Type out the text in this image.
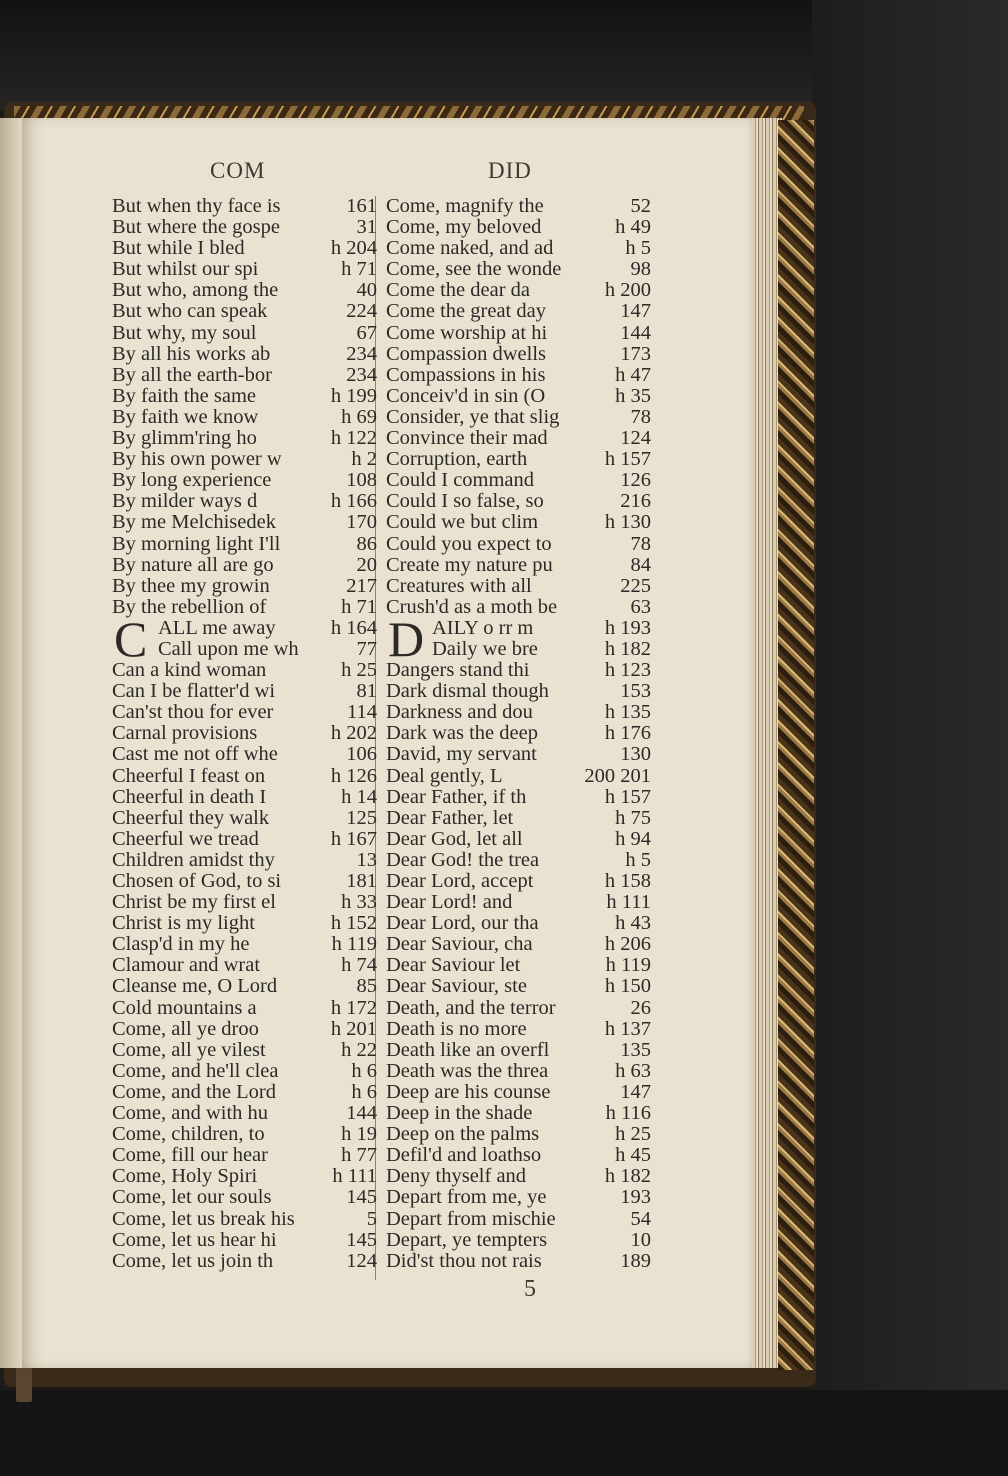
COM	DID
But when thy face is	161
But where the gospe	31
But while I bled	h 204
But whilst our spi	h 71
But who, among the	40
But who can speak	224
But why, my soul	67
By all his works ab	234
By all the earth-bor	234
By faith the same	h 199
By faith we know	h 69
By glimm'ring ho	h 122
By his own power w	h 2
By long experience	108
By milder ways d	h 166
By me Melchisedek	170
By morning light I'll	86
By nature all are go	20
By thee my growin	217
By the rebellion of	h 71
C ALL me away	h 164
Call upon me wh	77
Can a kind woman	h 25
Can I be flatter'd wi	81
Can'st thou for ever	114
Carnal provisions	h 202
Cast me not off whe	106
Cheerful I feast on	h 126
Cheerful in death I	h 14
Cheerful they walk	125
Cheerful we tread	h 167
Children amidst thy	13
Chosen of God, to si	181
Christ be my first el	h 33
Christ is my light	h 152
Clasp'd in my he	h 119
Clamour and wrat	h 74
Cleanse me, O Lord	85
Cold mountains a	h 172
Come, all ye droo	h 201
Come, all ye vilest	h 22
Come, and he'll clea	h 6
Come, and the Lord	h 6
Come, and with hu	144
Come, children, to	h 19
Come, fill our hear	h 77
Come, Holy Spiri	h 111
Come, let our souls	145
Come, let us break his	5
Come, let us hear hi	145
Come, let us join th	124
Come, magnify the	52
Come, my beloved	h 49
Come naked, and ad	h 5
Come, see the wonde	98
Come the dear da	h 200
Come the great day	147
Come worship at hi	144
Compassion dwells	173
Compassions in his	h 47
Conceiv'd in sin (O	h 35
Consider, ye that slig	78
Convince their mad	124
Corruption, earth	h 157
Could I command	126
Could I so false, so	216
Could we but clim	h 130
Could you expect to	78
Create my nature pu	84
Creatures with all	225
Crush'd as a moth be	63
D AILY o rr m	h 193
Daily we bre	h 182
Dangers stand thi	h 123
Dark dismal though	153
Darkness and dou	h 135
Dark was the deep	h 176
David, my servant	130
Deal gently, L	200 201
Dear Father, if th	h 157
Dear Father, let	h 75
Dear God, let all	h 94
Dear God! the trea	h 5
Dear Lord, accept	h 158
Dear Lord! and	h 111
Dear Lord, our tha	h 43
Dear Saviour, cha	h 206
Dear Saviour let	h 119
Dear Saviour, ste	h 150
Death, and the terror	26
Death is no more	h 137
Death like an overfl	135
Death was the threa	h 63
Deep are his counse	147
Deep in the shade	h 116
Deep on the palms	h 25
Defil'd and loathso	h 45
Deny thyself and	h 182
Depart from me, ye	193
Depart from mischie	54
Depart, ye tempters	10
Did'st thou not rais	189
5
